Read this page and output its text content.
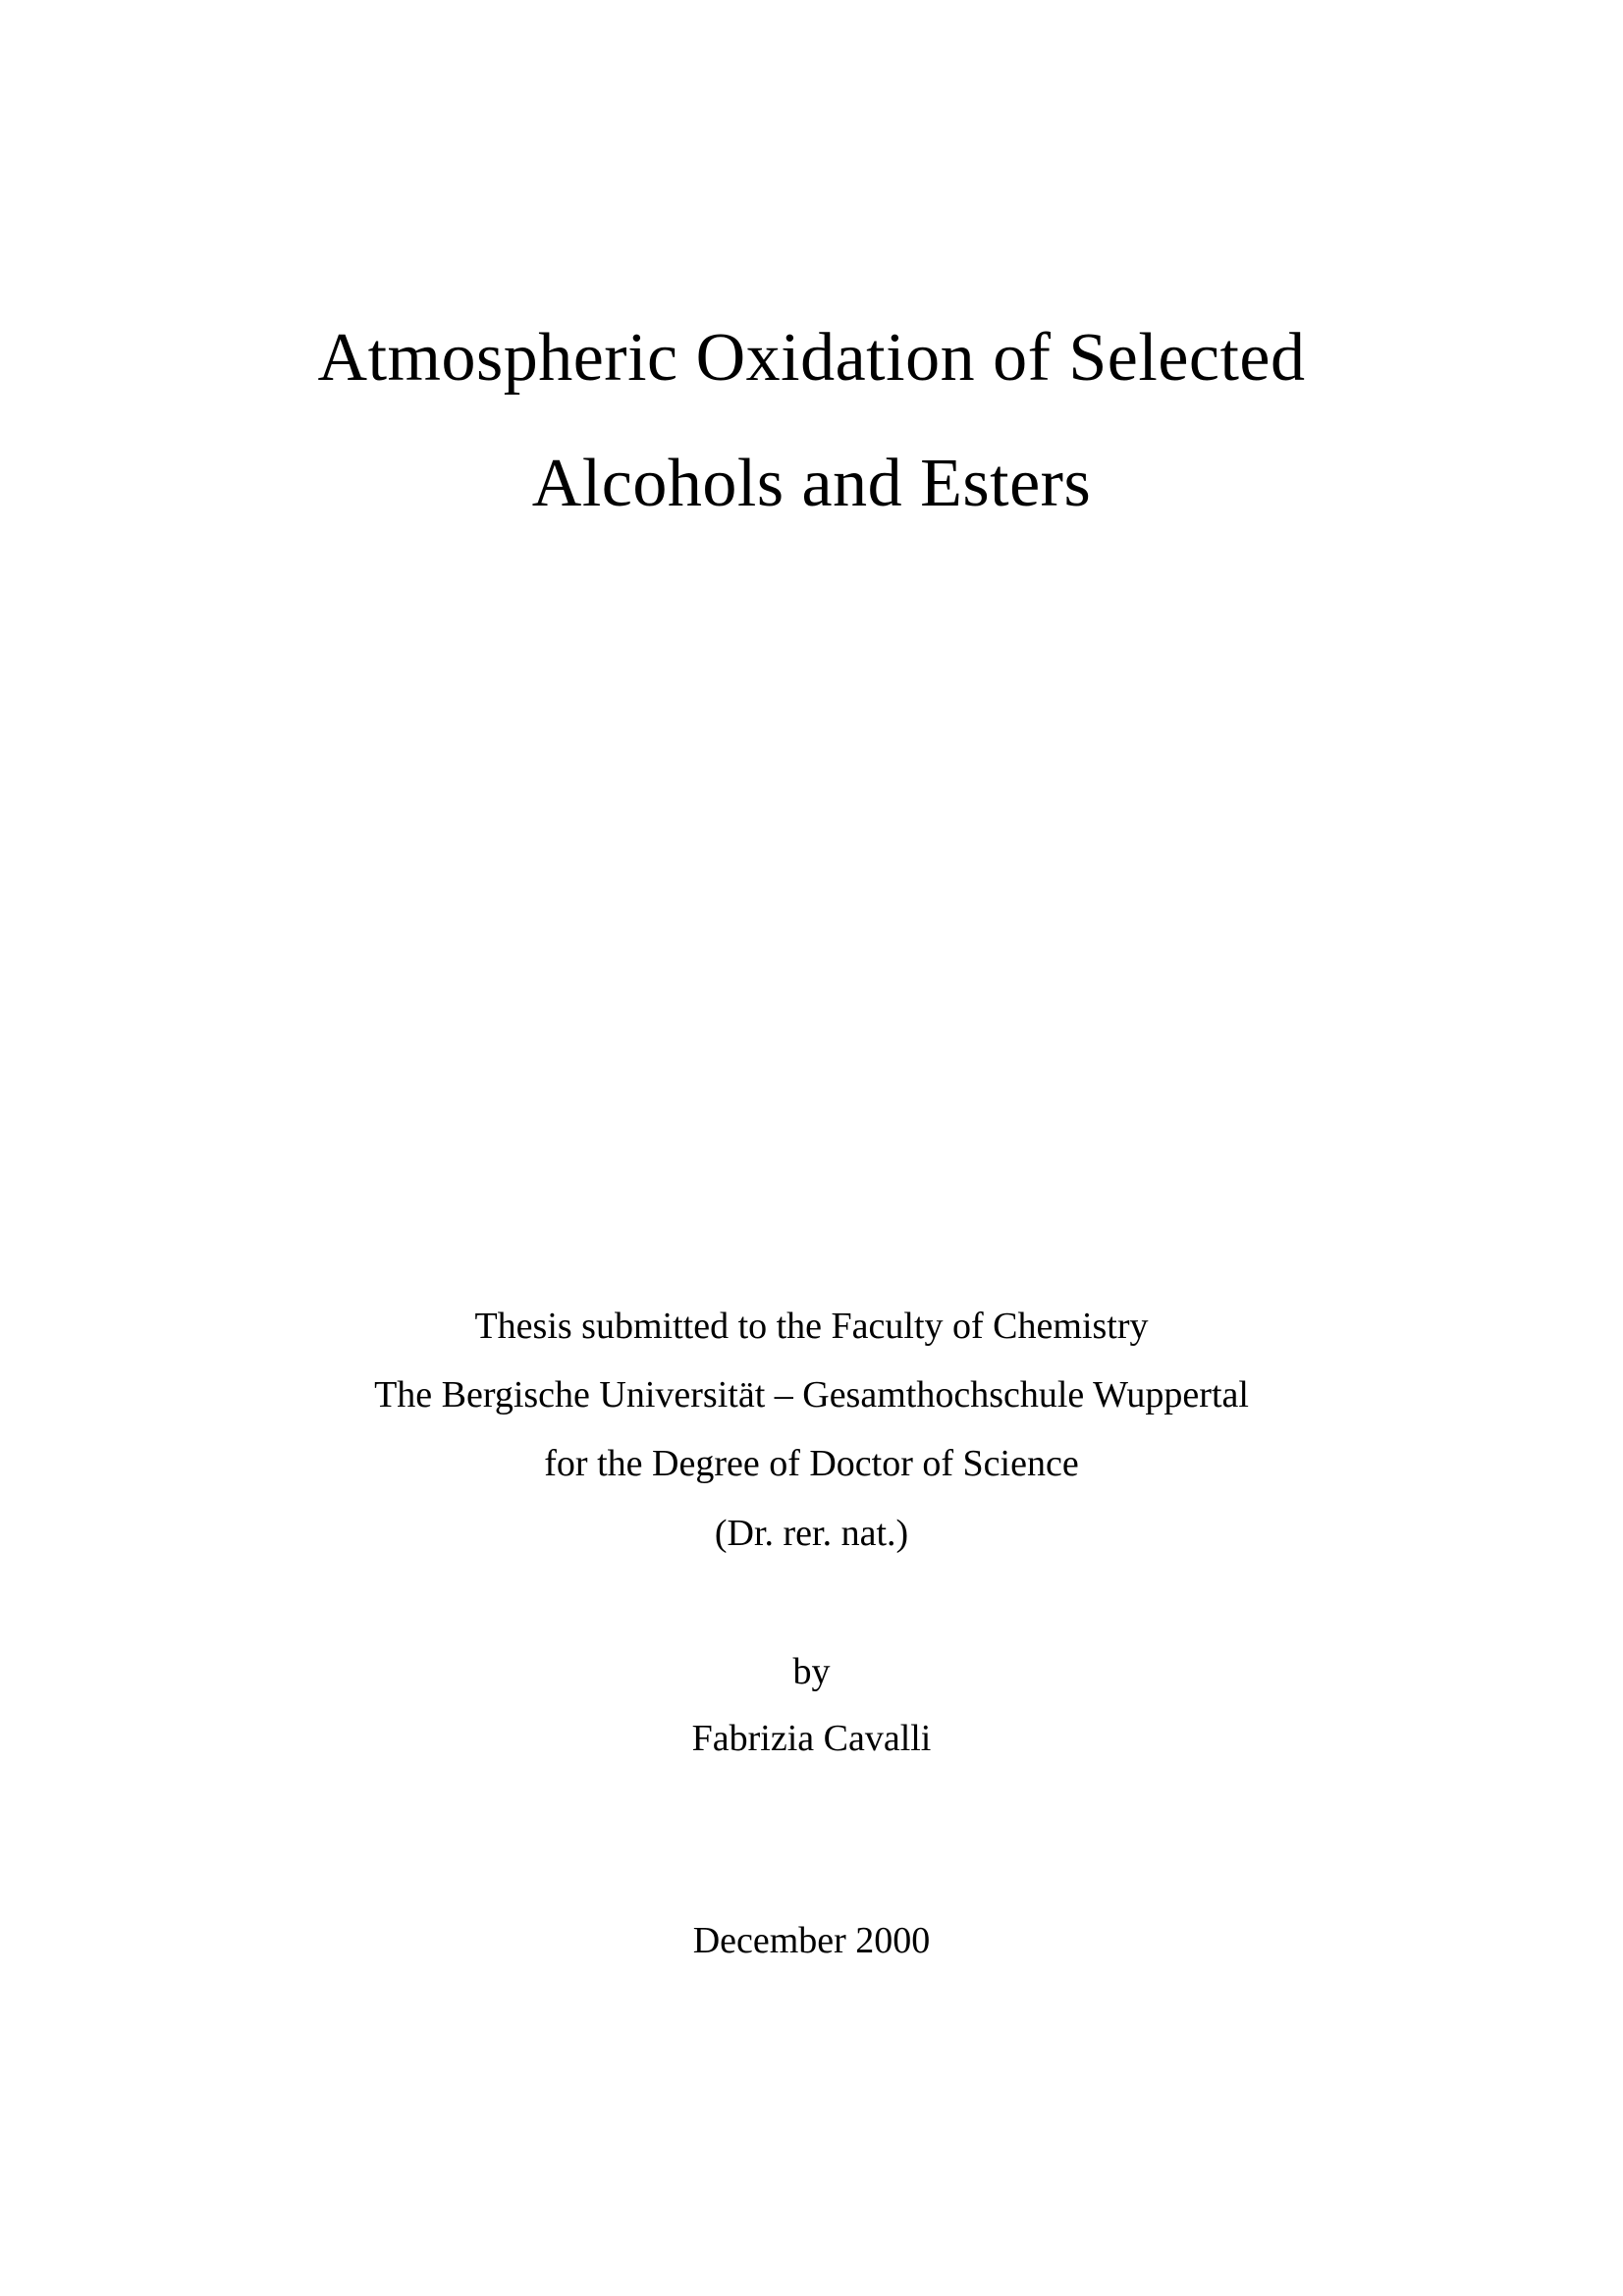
Atmospheric Oxidation of Selected
Alcohols and Esters
Thesis submitted to the Faculty of Chemistry
The Bergische Universität – Gesamthochschule Wuppertal
for the Degree of Doctor of Science
(Dr. rer. nat.)
by
Fabrizia Cavalli
December 2000
